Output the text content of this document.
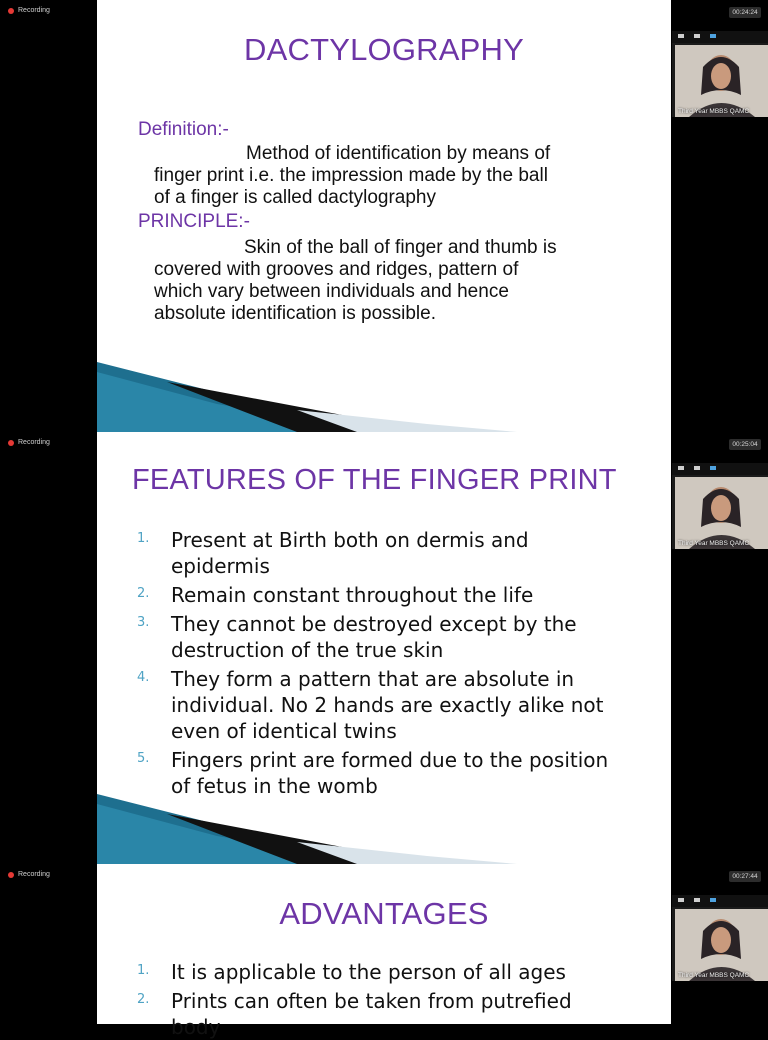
Recording	00:24:24
DACTYLOGRAPHY
Definition:-
Method of identification by means of
finger print i.e. the impression made by the ball
of a finger is called dactylography
PRINCIPLE:-
Skin of the ball of finger and thumb is
covered with grooves and ridges, pattern of
which vary between individuals and hence
absolute identification is possible.
Third Year MBBS QAMC
Recording	00:25:04
FEATURES OF THE FINGER PRINT
1.	Present at Birth both on dermis and
epidermis
2.	Remain constant throughout the life
3.	They cannot be destroyed except by the
destruction of the true skin
4.	They form a pattern that are absolute in
individual. No 2 hands are exactly alike not
even of identical twins
5.	Fingers print are formed due to the position
of fetus in the womb
Third Year MBBS QAMC
Recording	00:27:44
ADVANTAGES
1.	It is applicable to the person of all ages
2.	Prints can often be taken from putrefied
body
Third Year MBBS QAMC
